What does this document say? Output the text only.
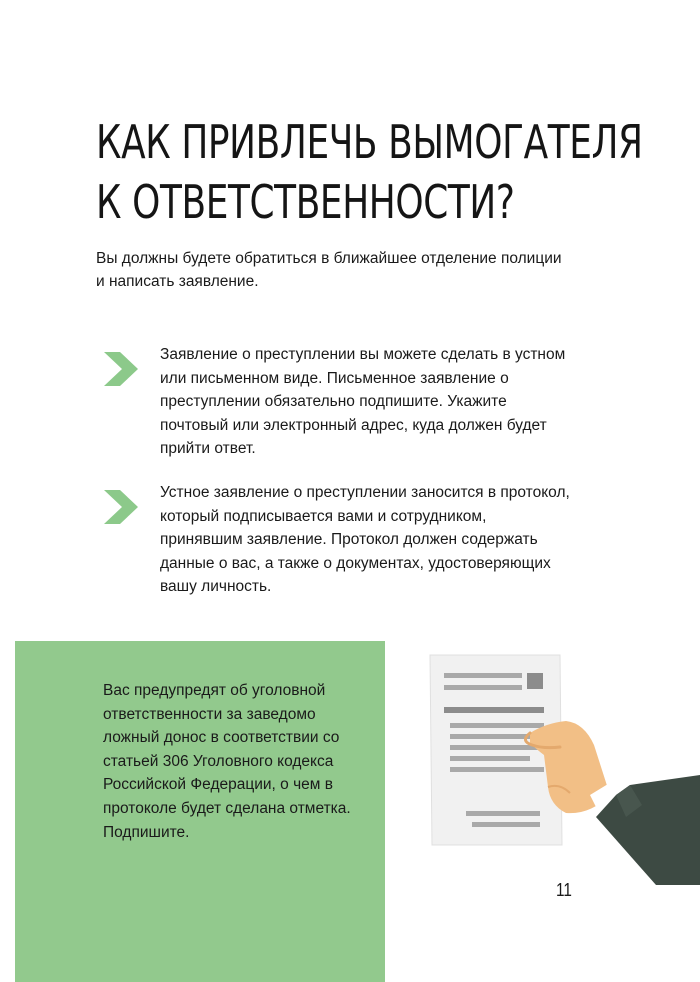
КАК ПРИВЛЕЧЬ ВЫМОГАТЕЛЯ
К ОТВЕТСТВЕННОСТИ?

Вы должны будете обратиться в ближайшее отделение полиции и написать заявление.

Заявление о преступлении вы можете сделать в устном или письменном виде. Письменное заявление о преступлении обязательно подпишите. Укажите почтовый или электронный адрес, куда должен будет прийти ответ.

Устное заявление о преступлении заносится в протокол, который подписывается вами и сотрудником, принявшим заявление. Протокол должен содержать данные о вас, а также о документах, удостоверяющих вашу личность.

Вас предупредят об уголовной ответственности за заведомо ложный донос в соответствии со статьей 306 Уголовного кодекса Российской Федерации, о чем в протоколе будет сделана отметка. Подпишите.

11
